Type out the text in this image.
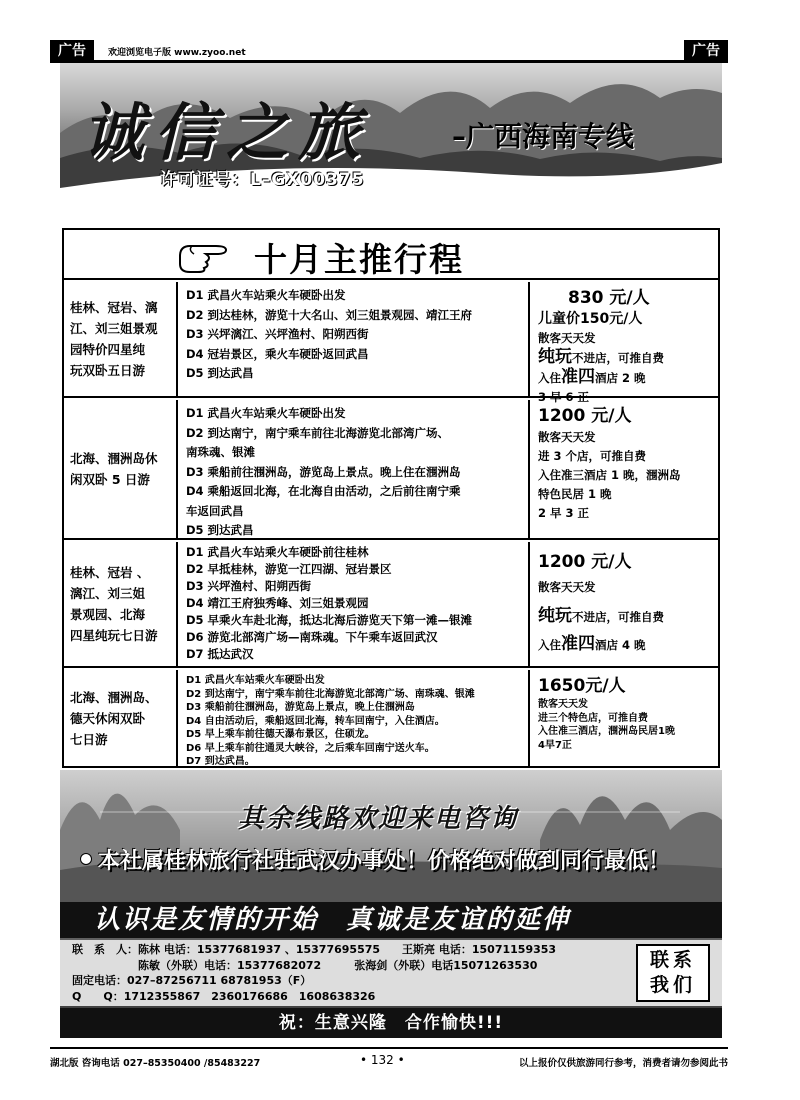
广告	广告
欢迎浏览电子版 www.zyoo.net
诚信之旅	–广西海南专线
许可证号：L–GX00375
十月主推行程
桂林、冠岩、漓
江、刘三姐景观
园特价四星纯
玩双卧五日游
D1 武昌火车站乘火车硬卧出发
D2 到达桂林，游览十大名山、刘三姐景观园、靖江王府
D3 兴坪漓江、兴坪渔村、阳朔西街
D4 冠岩景区，乘火车硬卧返回武昌
D5 到达武昌
830 元/人
儿童价150元/人
散客天天发
纯玩不进店，可推自费
入住准四酒店 2 晚
3 早 6 正
北海、涠洲岛休
闲双卧 5 日游
D1 武昌火车站乘火车硬卧出发
D2 到达南宁，南宁乘车前往北海游览北部湾广场、
南珠魂、银滩
D3 乘船前往涠洲岛，游览岛上景点。晚上住在涠洲岛
D4 乘船返回北海，在北海自由活动，之后前往南宁乘
车返回武昌
D5 到达武昌
1200 元/人
散客天天发
进 3 个店，可推自费
入住准三酒店 1 晚，涠洲岛
特色民居 1 晚
2 早 3 正
桂林、冠岩 、
漓江、刘三姐
景观园、北海
四星纯玩七日游
D1 武昌火车站乘火车硬卧前往桂林
D2 早抵桂林，游览一江四湖、冠岩景区
D3 兴坪渔村、阳朔西街
D4 靖江王府独秀峰、刘三姐景观园
D5 早乘火车赴北海，抵达北海后游览天下第一滩—银滩
D6 游览北部湾广场—南珠魂。下午乘车返回武汉
D7 抵达武汉
1200 元/人
散客天天发
纯玩不进店，可推自费
入住准四酒店 4 晚
北海、涠洲岛、
德天休闲双卧
七日游
D1 武昌火车站乘火车硬卧出发
D2 到达南宁，南宁乘车前往北海游览北部湾广场、南珠魂、银滩
D3 乘船前往涠洲岛，游览岛上景点，晚上住涠洲岛
D4 自由活动后，乘船返回北海，转车回南宁，入住酒店。
D5 早上乘车前往德天瀑布景区，住硕龙。
D6 早上乘车前往通灵大峡谷，之后乘车回南宁送火车。
D7 到达武昌。
1650元/人
散客天天发
进三个特色店，可推自费
入住准三酒店，涠洲岛民居1晚
4早7正
其余线路欢迎来电咨询
本社属桂林旅行社驻武汉办事处！价格绝对做到同行最低！
认识是友情的开始　真诚是友谊的延伸
联　系　人：陈林 电话：15377681937 、15377695575　　王斯亮 电话：15071159353
　　　　　　陈敏（外联）电话：15377682072　　　张海剑（外联）电话15071263530
固定电话：027–87256711 68781953（F）
Q　　Q：1712355867　2360176686　1608638326
联系
我们
祝：生意兴隆　合作愉快!!!
湖北版 咨询电话 027–85350400 /85483227	• 132 •	以上报价仅供旅游同行参考，消费者请勿参阅此书
